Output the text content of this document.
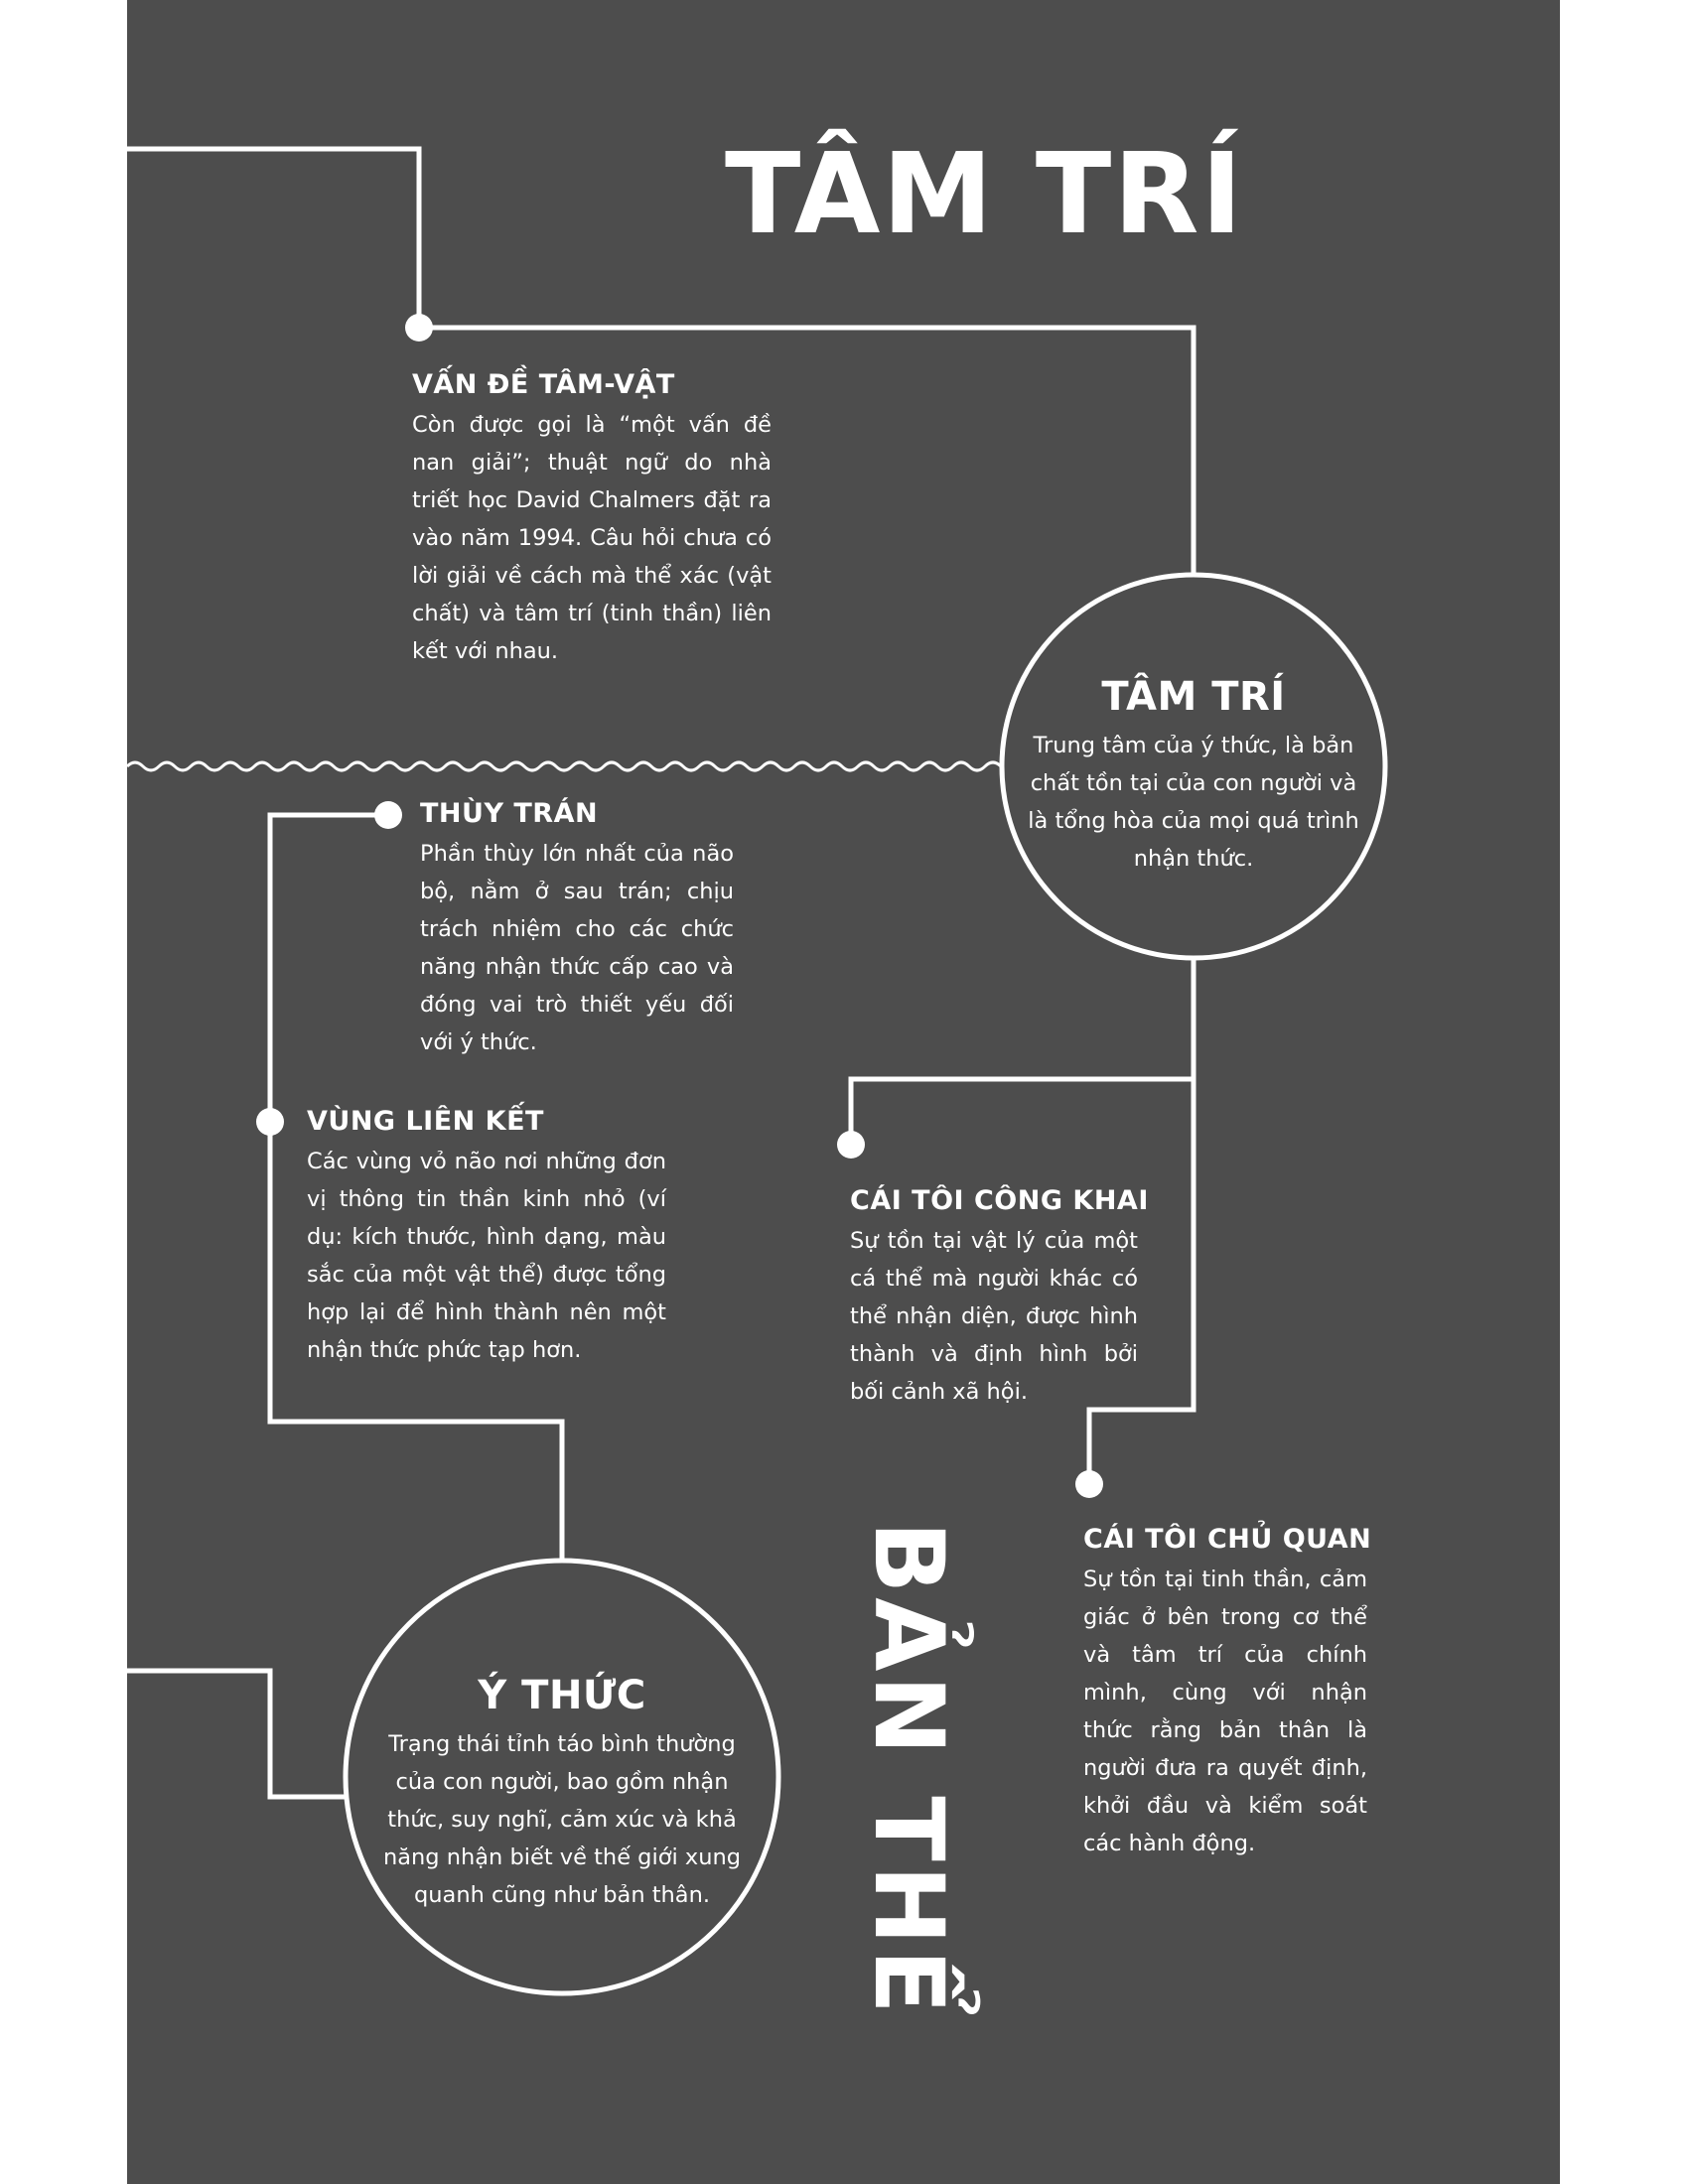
TÂM TRÍ
BẢN THỂ
VẤN ĐỀ TÂM-VẬT
Còn được gọi là “một vấn đề nan giải”; thuật ngữ do nhà triết học David Chalmers đặt ra vào năm 1994. Câu hỏi chưa có lời giải về cách mà thể xác (vật chất) và tâm trí (tinh thần) liên kết với nhau.
TÂM TRÍ
Trung tâm của ý thức, là bản chất tồn tại của con người và là tổng hòa của mọi quá trình nhận thức.
THÙY TRÁN
Phần thùy lớn nhất của não bộ, nằm ở sau trán; chịu trách nhiệm cho các chức năng nhận thức cấp cao và đóng vai trò thiết yếu đối với ý thức.
VÙNG LIÊN KẾT
Các vùng vỏ não nơi những đơn vị thông tin thần kinh nhỏ (ví dụ: kích thước, hình dạng, màu sắc của một vật thể) được tổng hợp lại để hình thành nên một nhận thức phức tạp hơn.
CÁI TÔI CÔNG KHAI
Sự tồn tại vật lý của một cá thể mà người khác có thể nhận diện, được hình thành và định hình bởi bối cảnh xã hội.
CÁI TÔI CHỦ QUAN
Sự tồn tại tinh thần, cảm giác ở bên trong cơ thể và tâm trí của chính mình, cùng với nhận thức rằng bản thân là người đưa ra quyết định, khởi đầu và kiểm soát các hành động.
Ý THỨC
Trạng thái tỉnh táo bình thường của con người, bao gồm nhận thức, suy nghĩ, cảm xúc và khả năng nhận biết về thế giới xung quanh cũng như bản thân.
